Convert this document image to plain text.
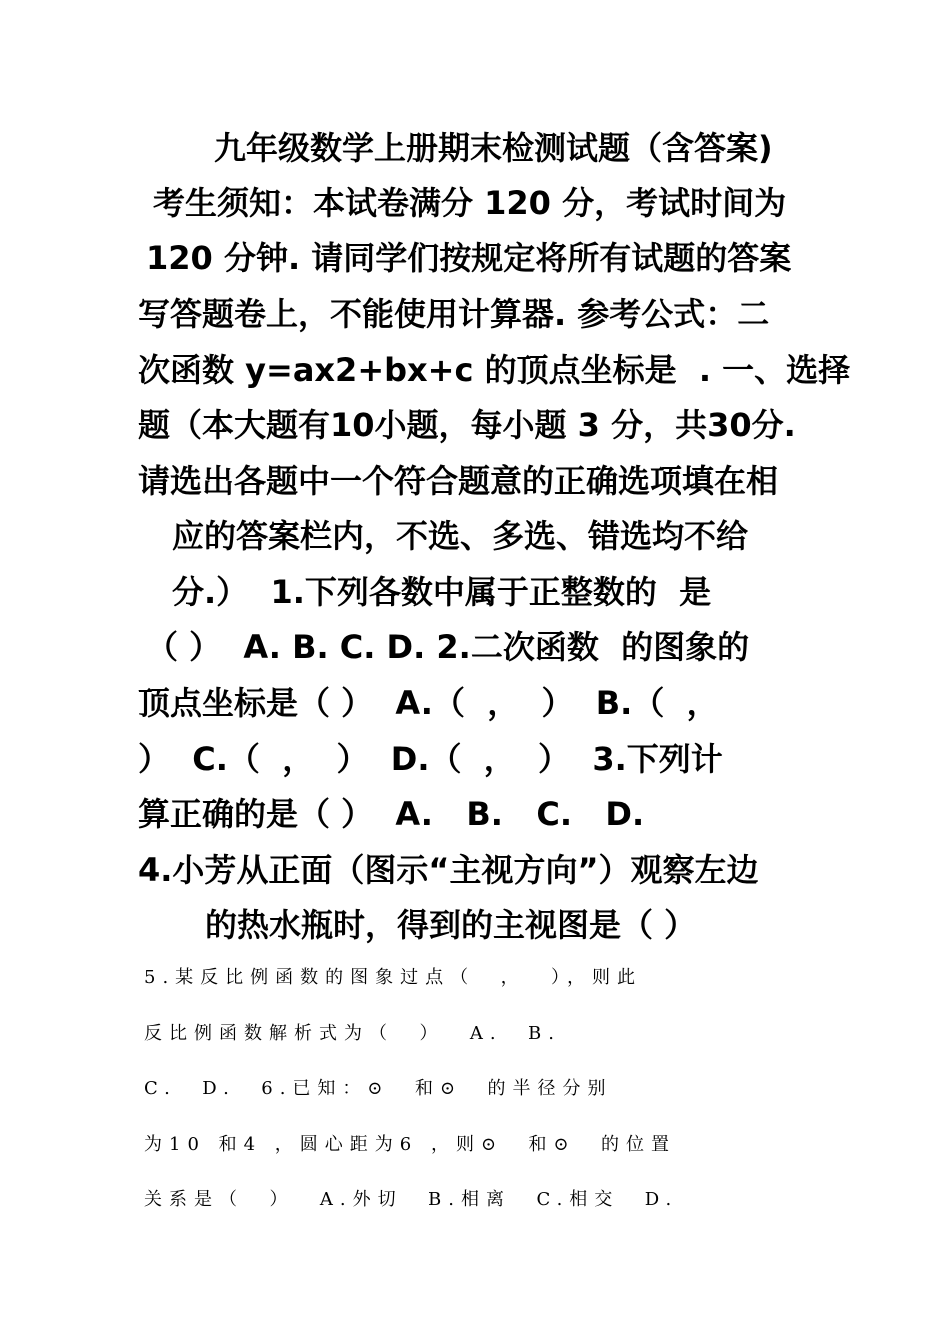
九年级数学上册期末检测试题（含答案)
考生须知：本试卷满分 120 分，考试时间为
120 分钟. 请同学们按规定将所有试题的答案
写答题卷上，不能使用计算器. 参考公式：二
次函数 y=ax2+bx+c 的顶点坐标是  . 一、选择
题（本大题有10小题，每小题 3 分，共30分.
请选出各题中一个符合题意的正确选项填在相
应的答案栏内，不选、多选、错选均不给
分.）  1.下列各数中属于正整数的  是
（ ）  A. B. C. D. 2.二次函数  的图象的
顶点坐标是（ ）  A.（  ，  ）  B.（  ，
）  C.（  ，  ）  D.（  ，  ）  3.下列计
算正确的是（ ）  A.   B.   C.   D.
4.小芳从正面（图示“主视方向”）观察左边
的热水瓶时，得到的主视图是（ ）
5.某反比例函数的图象过点（  ，  ），则此
反比例函数解析式为（  ）  A.  B.
C.  D.  6.已知：⊙  和⊙  的半径分别
为10 和4 ，圆心距为6 ，则⊙  和⊙  的位置
关系是（  ）  A.外切  B.相离  C.相交  D.
